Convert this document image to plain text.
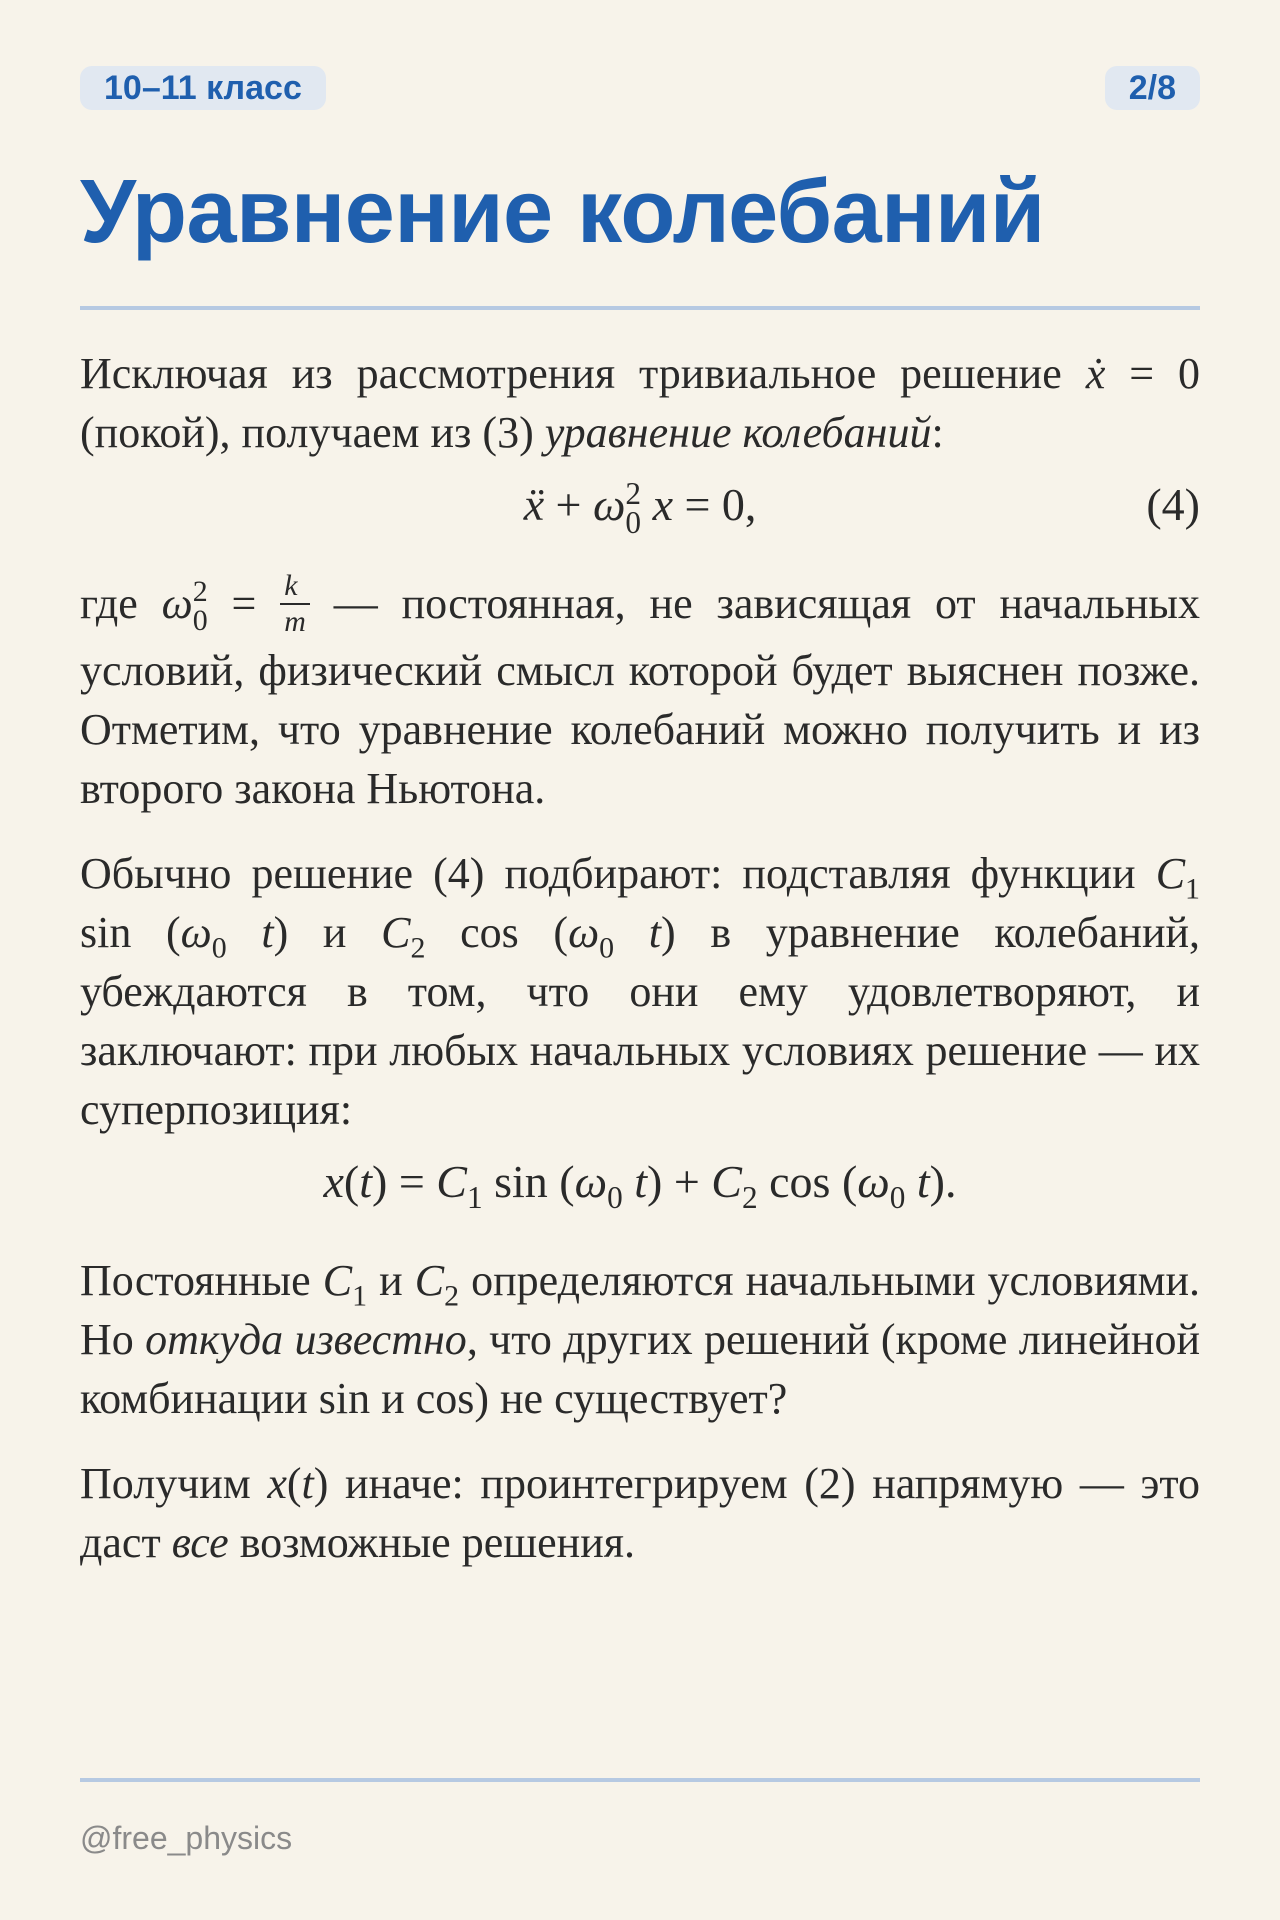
10–11 класс	2/8
Уравнение колебаний

Исключая из рассмотрения тривиальное решение ẋ = 0 (покой), получаем из (3) уравнение колебаний:

ẍ + ω 2
0 x = 0,	(4)

где ω 2
$0 = \frac{k}{m}$ — постоянная, не зависящая от начальных условий, физический смысл которой будет выяснен позже. Отметим, что уравнение колебаний можно получить и из второго закона Ньютона.

Обычно решение (4) подбирают: подставляя функции $C_1$ $\sin (\omega_0$ t) и $C_2$ $\cos (\omega_0$ t) в уравнение колебаний, убеждаются в том, что они ему удовлетворяют, и заключают: при любых начальных условиях решение — их суперпозиция:

$x(t) = C_1$ $\sin (\omega_0$ $t) + C_2$ $\cos (\omega_0$ t).

Постоянные $C_1$ и $C_2$ определяются начальными условиями. Но откуда известно, что других решений (кроме линейной комбинации sin и cos) не существует?

Получим x(t) иначе: проинтегрируем (2) напрямую — это даст все возможные решения.

@free_physics
